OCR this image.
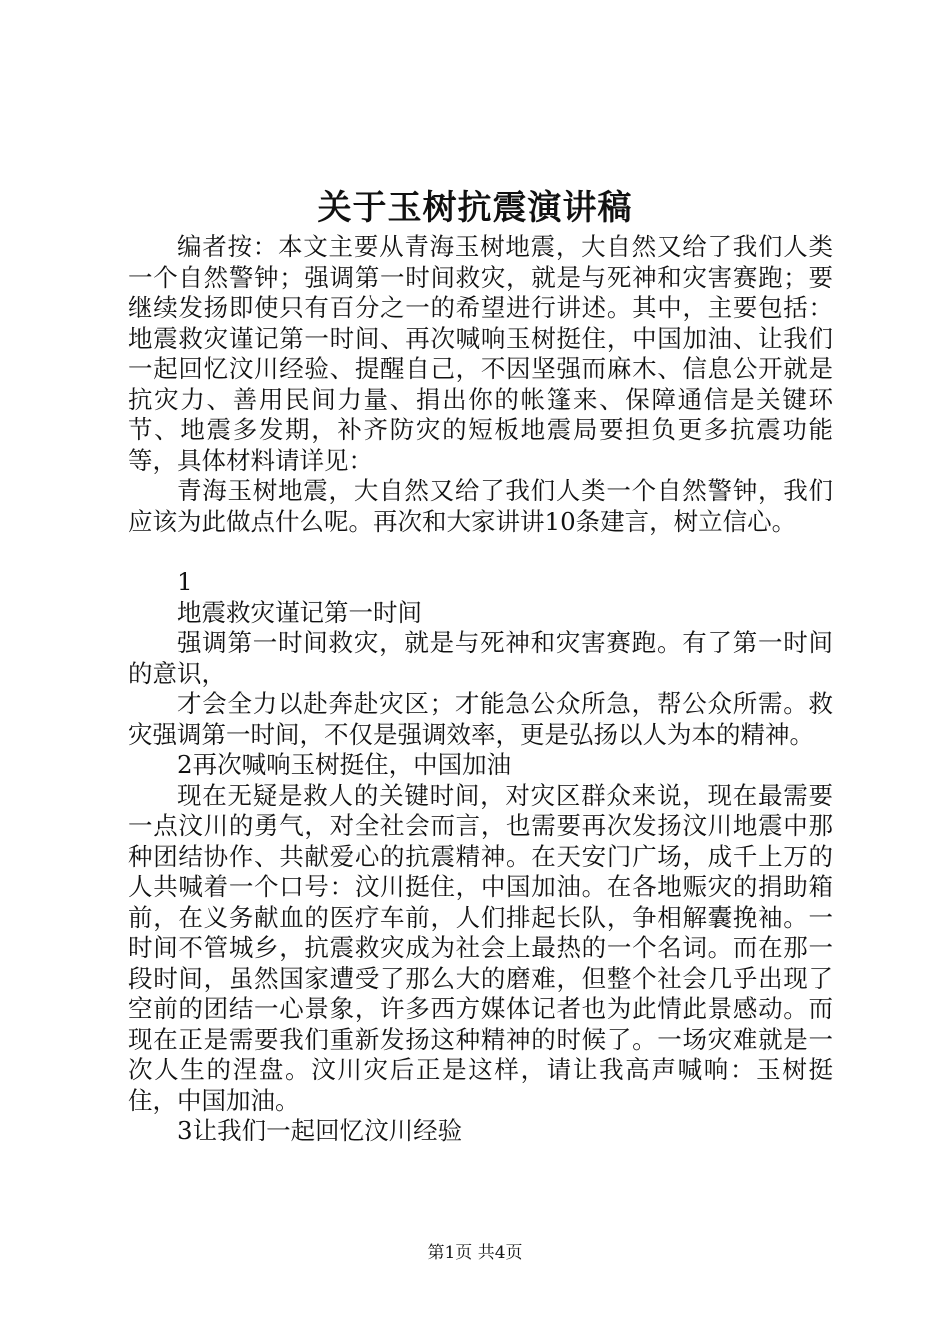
关于玉树抗震演讲稿

编者按：本文主要从青海玉树地震，大自然又给了我们人类一个自然警钟；强调第一时间救灾，就是与死神和灾害赛跑；要继续发扬即使只有百分之一的希望进行讲述。其中，主要包括：地震救灾谨记第一时间、再次喊响玉树挺住，中国加油、让我们一起回忆汶川经验、提醒自己，不因坚强而麻木、信息公开就是抗灾力、善用民间力量、捐出你的帐篷来、保障通信是关键环节、地震多发期，补齐防灾的短板地震局要担负更多抗震功能等，具体材料请详见：

青海玉树地震，大自然又给了我们人类一个自然警钟，我们应该为此做点什么呢。再次和大家讲讲10条建言，树立信心。

1

地震救灾谨记第一时间

强调第一时间救灾，就是与死神和灾害赛跑。有了第一时间的意识，

才会全力以赴奔赴灾区；才能急公众所急，帮公众所需。救灾强调第一时间，不仅是强调效率，更是弘扬以人为本的精神。

2再次喊响玉树挺住，中国加油

现在无疑是救人的关键时间，对灾区群众来说，现在最需要一点汶川的勇气，对全社会而言，也需要再次发扬汶川地震中那种团结协作、共献爱心的抗震精神。在天安门广场，成千上万的人共喊着一个口号：汶川挺住，中国加油。在各地赈灾的捐助箱前，在义务献血的医疗车前，人们排起长队，争相解囊挽袖。一时间不管城乡，抗震救灾成为社会上最热的一个名词。而在那一段时间，虽然国家遭受了那么大的磨难，但整个社会几乎出现了空前的团结一心景象，许多西方媒体记者也为此情此景感动。而现在正是需要我们重新发扬这种精神的时候了。一场灾难就是一次人生的涅盘。汶川灾后正是这样，请让我高声喊响：玉树挺住，中国加油。

3让我们一起回忆汶川经验

第1页 共4页
